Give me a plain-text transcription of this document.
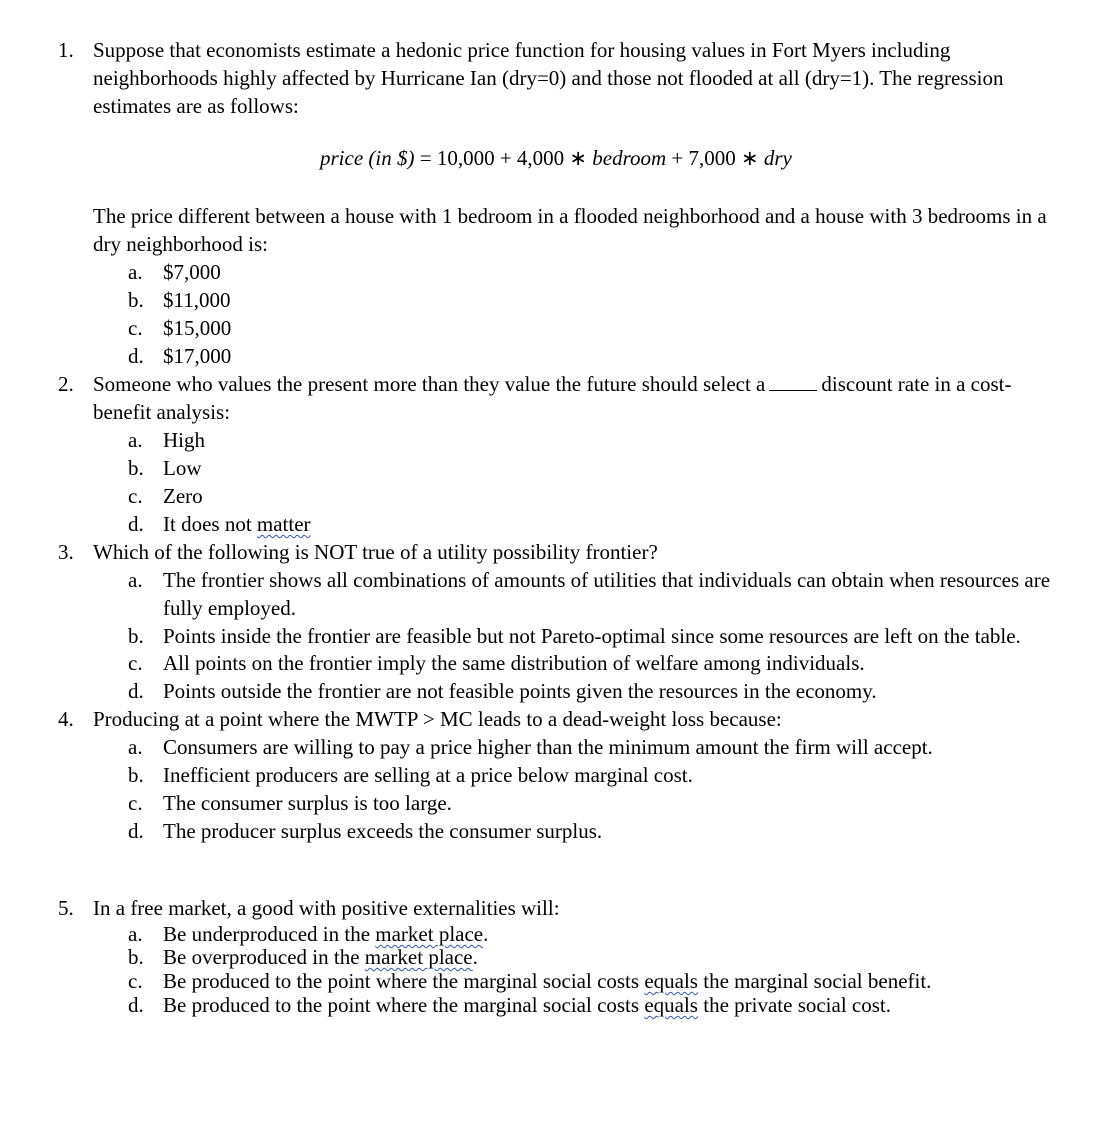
1. Suppose that economists estimate a hedonic price function for housing values in Fort Myers including
neighborhoods highly affected by Hurricane Ian (dry=0) and those not flooded at all (dry=1). The regression
estimates are as follows:
price (in $) = 10,000 + 4,000 ∗ bedroom + 7,000 ∗ dry
The price different between a house with 1 bedroom in a flooded neighborhood and a house with 3 bedrooms in a
dry neighborhood is:
a. $7,000
b. $11,000
c. $15,000
d. $17,000
2. Someone who values the present more than they value the future should select a	discount rate in a cost-
benefit analysis:
a. High
b. Low
c. Zero
d. It does not matter
3. Which of the following is NOT true of a utility possibility frontier?
a. The frontier shows all combinations of amounts of utilities that individuals can obtain when resources are
fully employed.
b. Points inside the frontier are feasible but not Pareto-optimal since some resources are left on the table.
c. All points on the frontier imply the same distribution of welfare among individuals.
d. Points outside the frontier are not feasible points given the resources in the economy.
4. Producing at a point where the MWTP > MC leads to a dead-weight loss because:
a. Consumers are willing to pay a price higher than the minimum amount the firm will accept.
b. Inefficient producers are selling at a price below marginal cost.
c. The consumer surplus is too large.
d. The producer surplus exceeds the consumer surplus.
5. In a free market, a good with positive externalities will:
a. Be underproduced in the market place.
b. Be overproduced in the market place.
c. Be produced to the point where the marginal social costs equals the marginal social benefit.
d. Be produced to the point where the marginal social costs equals the private social cost.
